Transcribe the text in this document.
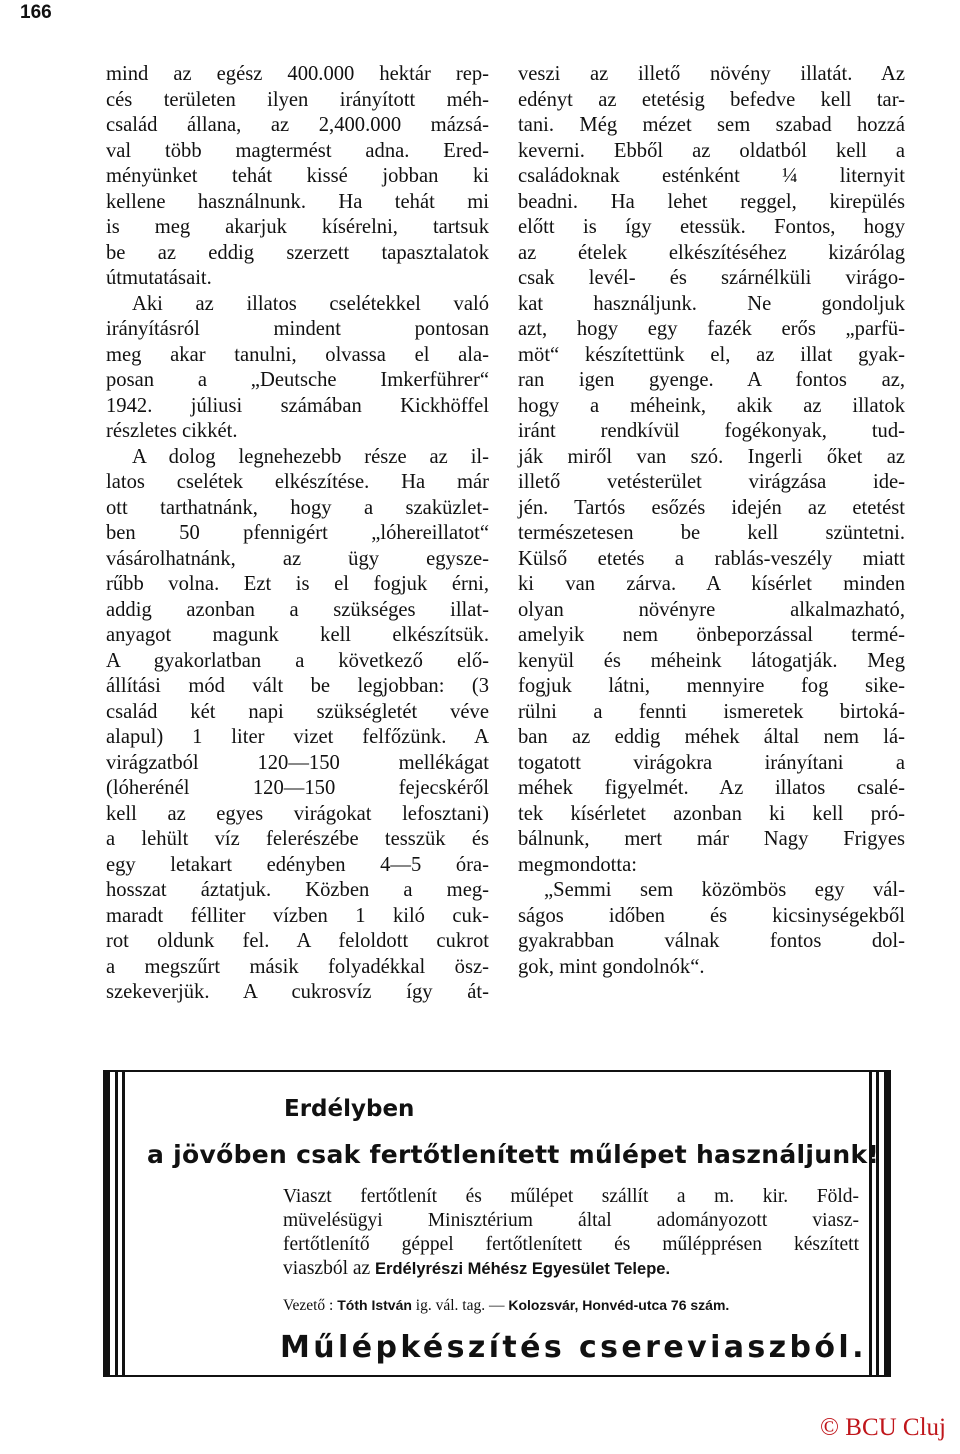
166
mind az egész 400.000 hektár rep-
cés területen ilyen irányított méh-
család állana, az 2,400.000 mázsá-
val több magtermést adna. Ered-
ményünket tehát kissé jobban ki
kellene használnunk. Ha tehát mi
is meg akarjuk kísérelni, tartsuk
be az eddig szerzett tapasztalatok
útmutatásait.
Aki az illatos cselétekkel való
irányításról mindent pontosan
meg akar tanulni, olvassa el ala-
posan a „Deutsche Imkerführer“
1942. júliusi számában Kickhöffel
részletes cikkét.
A dolog legnehezebb része az il-
latos cselétek elkészítése. Ha már
ott tarthatnánk, hogy a szaküzlet-
ben 50 pfennigért „lóhereillatot“
vásárolhatnánk, az ügy egysze-
rűbb volna. Ezt is el fogjuk érni,
addig azonban a szükséges illat-
anyagot magunk kell elkészítsük.
A gyakorlatban a következő elő-
állítási mód vált be legjobban: (3
család két napi szükségletét véve
alapul) 1 liter vizet felfőzünk. A
virágzatból 120—150 mellékágat
(lóherénél 120—150 fejecskéről
kell az egyes virágokat lefosztani)
a lehült víz felerészébe tesszük és
egy letakart edényben 4—5 óra-
hosszat áztatjuk. Közben a meg-
maradt félliter vízben 1 kiló cuk-
rot oldunk fel. A feloldott cukrot
a megszűrt másik folyadékkal ösz-
szekeverjük. A cukrosvíz így át-
veszi az illető növény illatát. Az
edényt az etetésig befedve kell tar-
tani. Még mézet sem szabad hozzá
keverni. Ebből az oldatból kell a
családoknak esténként ¼ liternyit
beadni. Ha lehet reggel, kirepülés
előtt is így etessük. Fontos, hogy
az ételek elkészítéséhez kizárólag
csak levél- és szárnélküli virágo-
kat használjunk. Ne gondoljuk
azt, hogy egy fazék erős „parfü-
möt“ készítettünk el, az illat gyak-
ran igen gyenge. A fontos az,
hogy a méheink, akik az illatok
iránt rendkívül fogékonyak, tud-
ják miről van szó. Ingerli őket az
illető vetésterület virágzása ide-
jén. Tartós esőzés idején az etetést
természetesen be kell szüntetni.
Külső etetés a rablás-veszély miatt
ki van zárva. A kísérlet minden
olyan növényre alkalmazható,
amelyik nem önbeporzással termé-
kenyül és méheink látogatják. Meg
fogjuk látni, mennyire fog sike-
rülni a fennti ismeretek birtoká-
ban az eddig méhek által nem lá-
togatott virágokra irányítani a
méhek figyelmét. Az illatos csalé-
tek kísérletet azonban ki kell pró-
bálnunk, mert már Nagy Frigyes
megmondotta:
„Semmi sem közömbös egy vál-
ságos időben és kicsinységekből
gyakrabban válnak fontos dol-
gok, mint gondolnók“.
Erdélyben
a jövőben csak fertőtlenített műlépet használjunk!
Viaszt fertőtlenít és műlépet szállít a m. kir. Föld-
müvelésügyi Minisztérium által adományozott viasz-
fertőtlenítő géppel fertőtlenített és műlépprésen készített
viaszból az Erdélyrészi Méhész Egyesület Telepe.
Vezető : Tóth István ig. vál. tag. — Kolozsvár, Honvéd-utca 76 szám.
Műlépkészítés csereviaszból.
© BCU Cluj
